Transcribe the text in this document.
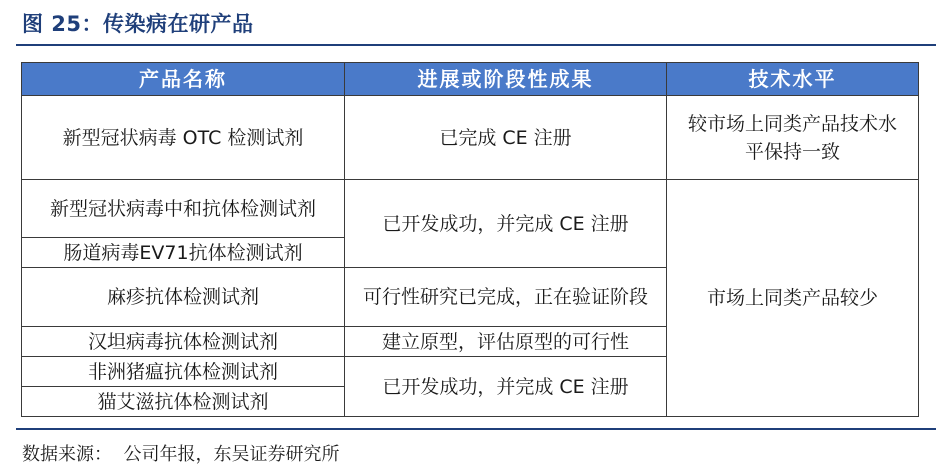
图 25：传染病在研产品
产品名称	进展或阶段性成果	技术水平
新型冠状病毒 OTC 检测试剂	已完成 CE 注册	较市场上同类产品技术水平保持一致
新型冠状病毒中和抗体检测试剂	已开发成功，并完成 CE 注册	市场上同类产品较少
肠道病毒EV71抗体检测试剂		
麻疹抗体检测试剂	可行性研究已完成，正在验证阶段	
汉坦病毒抗体检测试剂	建立原型，评估原型的可行性	
非洲猪瘟抗体检测试剂	已开发成功，并完成 CE 注册	
猫艾滋抗体检测试剂		
数据来源：  公司年报，东吴证券研究所
